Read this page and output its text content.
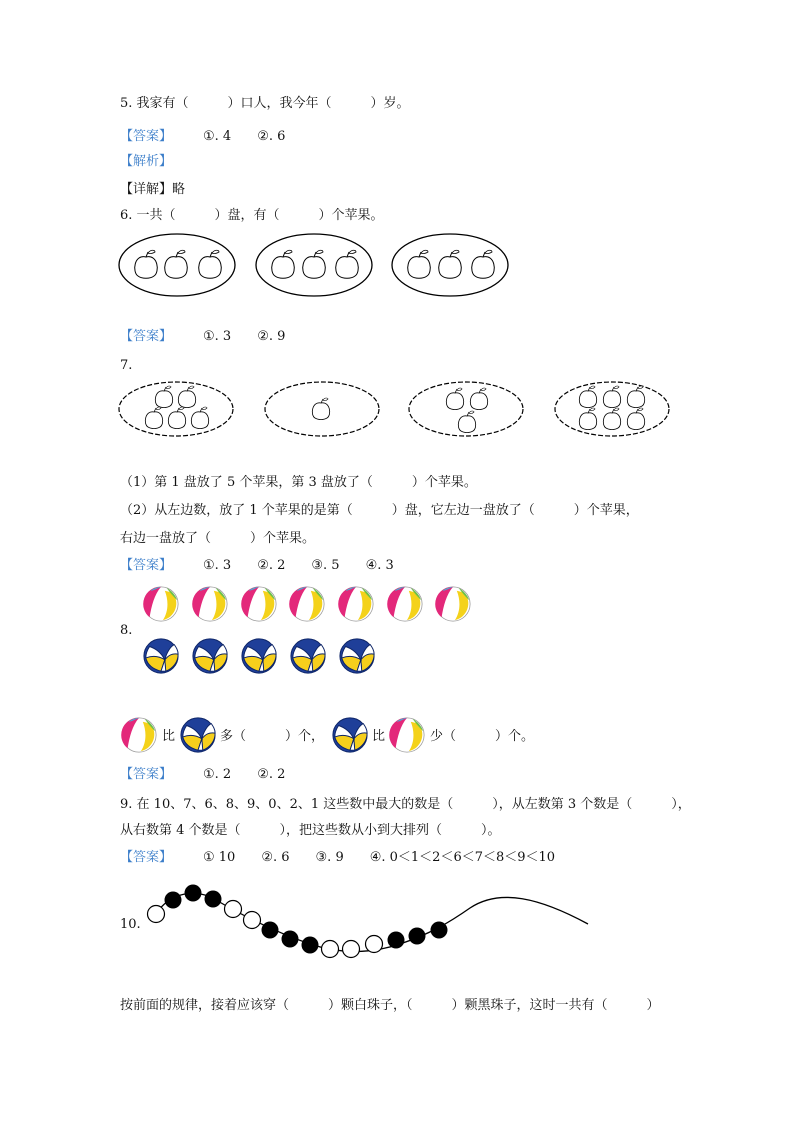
5. 我家有（　　　）口人，我今年（　　　）岁。
【答案】 ①. 4　　②. 6
【解析】
【详解】略
6. 一共（　　　）盘，有（　　　）个苹果。
【答案】 ①. 3　　②. 9
7.
（1）第 1 盘放了 5 个苹果，第 3 盘放了（　　　）个苹果。
（2）从左边数，放了 1 个苹果的是第（　　　）盘，它左边一盘放了（　　　）个苹果，
右边一盘放了（　　　）个苹果。
【答案】 ①. 3　　②. 2　　③. 5　　④. 3
8.
比	多（　　　）个，	比	少（　　　）个。
【答案】 ①. 2　　②. 2
9. 在 10、7、6、8、9、0、2、1 这些数中最大的数是（　　　），从左数第 3 个数是（　　　），
从右数第 4 个数是（　　　），把这些数从小到大排列（　　　）。
【答案】 ① 10　　②. 6　　③. 9　　④. 0＜1＜2＜6＜7＜8＜9＜10
10.
按前面的规律，接着应该穿（　　　）颗白珠子，（　　　）颗黑珠子，这时一共有（　　　）
